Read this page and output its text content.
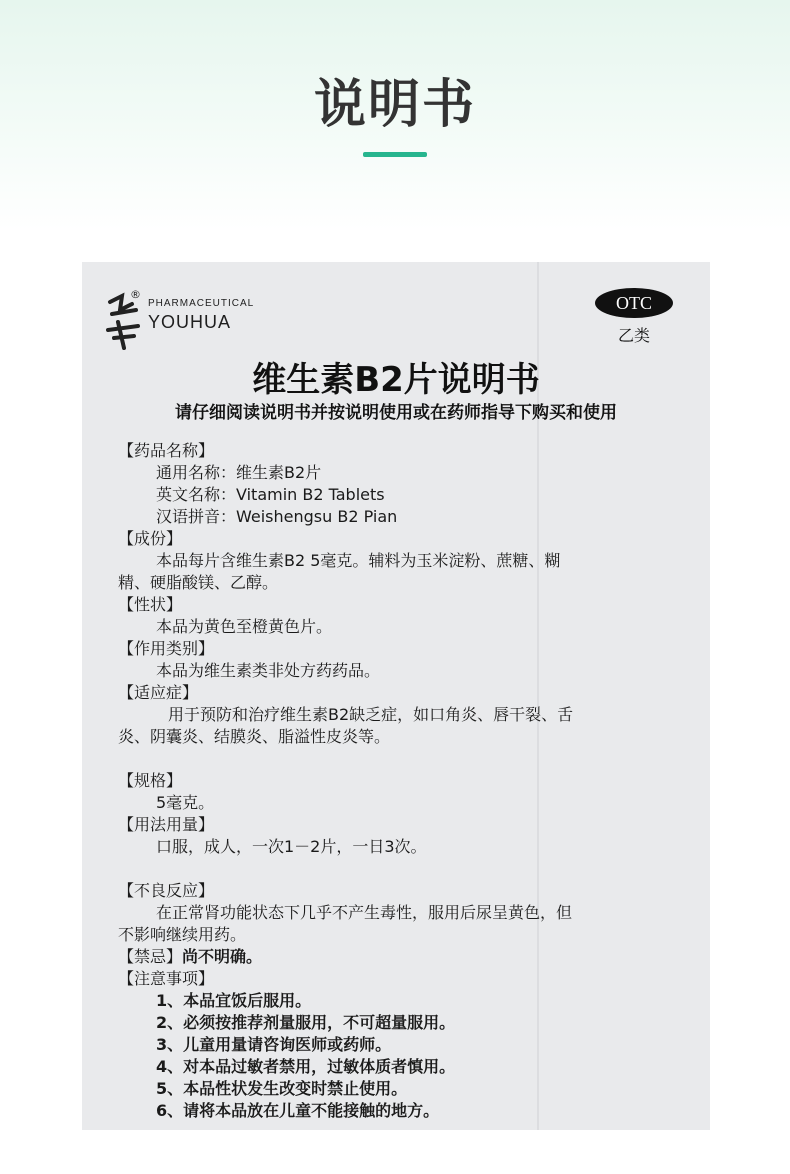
说明书
®
PHARMACEUTICAL
YOUHUA
OTC
乙类
维生素B2片说明书
请仔细阅读说明书并按说明使用或在药师指导下购买和使用
【药品名称】
通用名称：维生素B2片
英文名称：Vitamin B2 Tablets
汉语拼音：Weishengsu B2 Pian
【成份】
本品每片含维生素B2 5毫克。辅料为玉米淀粉、蔗糖、糊
精、硬脂酸镁、乙醇。
【性状】
本品为黄色至橙黄色片。
【作用类别】
本品为维生素类非处方药药品。
【适应症】
用于预防和治疗维生素B2缺乏症，如口角炎、唇干裂、舌
炎、阴囊炎、结膜炎、脂溢性皮炎等。
【规格】
5毫克。
【用法用量】
口服，成人，一次1－2片，一日3次。
【不良反应】
在正常肾功能状态下几乎不产生毒性，服用后尿呈黄色，但
不影响继续用药。
【禁忌】尚不明确。
【注意事项】
1、本品宜饭后服用。
2、必须按推荐剂量服用，不可超量服用。
3、儿童用量请咨询医师或药师。
4、对本品过敏者禁用，过敏体质者慎用。
5、本品性状发生改变时禁止使用。
6、请将本品放在儿童不能接触的地方。
